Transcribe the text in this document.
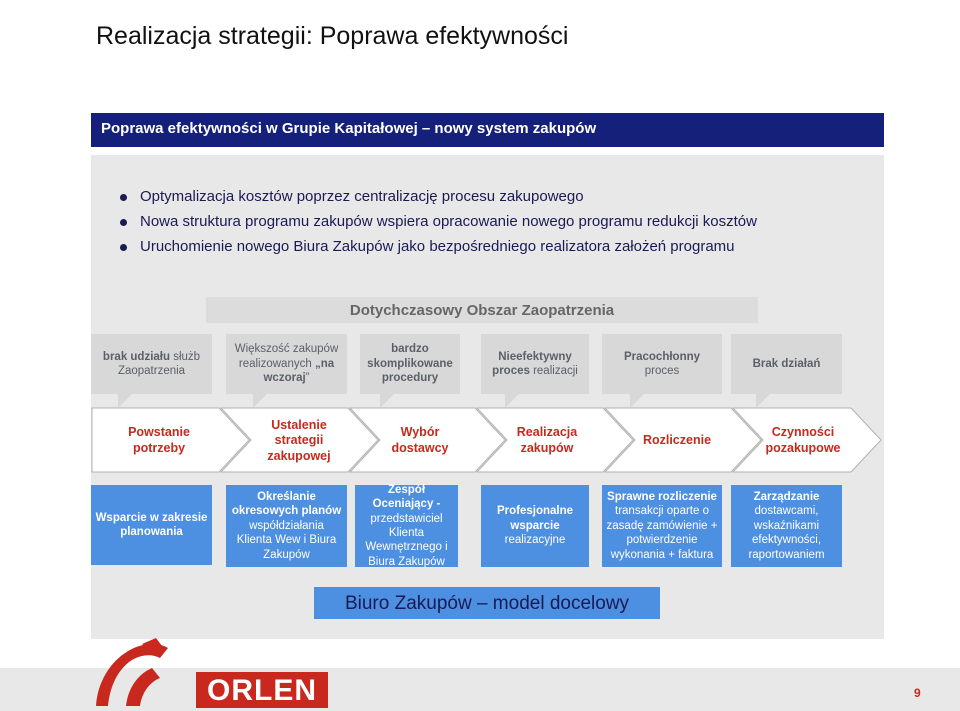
Realizacja strategii: Poprawa efektywności
Poprawa efektywności w Grupie Kapitałowej – nowy system zakupów
Optymalizacja kosztów poprzez centralizację procesu zakupowego
Nowa struktura programu zakupów wspiera opracowanie nowego programu redukcji kosztów
Uruchomienie nowego Biura Zakupów jako bezpośredniego realizatora założeń programu
Dotychczasowy Obszar Zaopatrzenia
brak udziału służb Zaopatrzenia
Większość zakupów realizowanych „na wczoraj”
bardzo skomplikowane procedury
Nieefektywny proces realizacji
Pracochłonny
proces
Brak działań
Powstanie potrzeby
Ustalenie strategii zakupowej
Wybór dostawcy
Realizacja zakupów
Rozliczenie
Czynności pozakupowe
Wsparcie w zakresie planowania
Określanie okresowych planów współdziałania Klienta Wew i Biura Zakupów
Zespół Oceniający - przedstawiciel Klienta Wewnętrznego i Biura Zakupów
Profesjonalne wsparcie realizacyjne
Sprawne rozliczenie transakcji oparte o zasadę zamówienie + potwierdzenie wykonania + faktura
Zarządzanie dostawcami, wskaźnikami efektywności, raportowaniem
Biuro Zakupów – model docelowy
ORLEN	9
